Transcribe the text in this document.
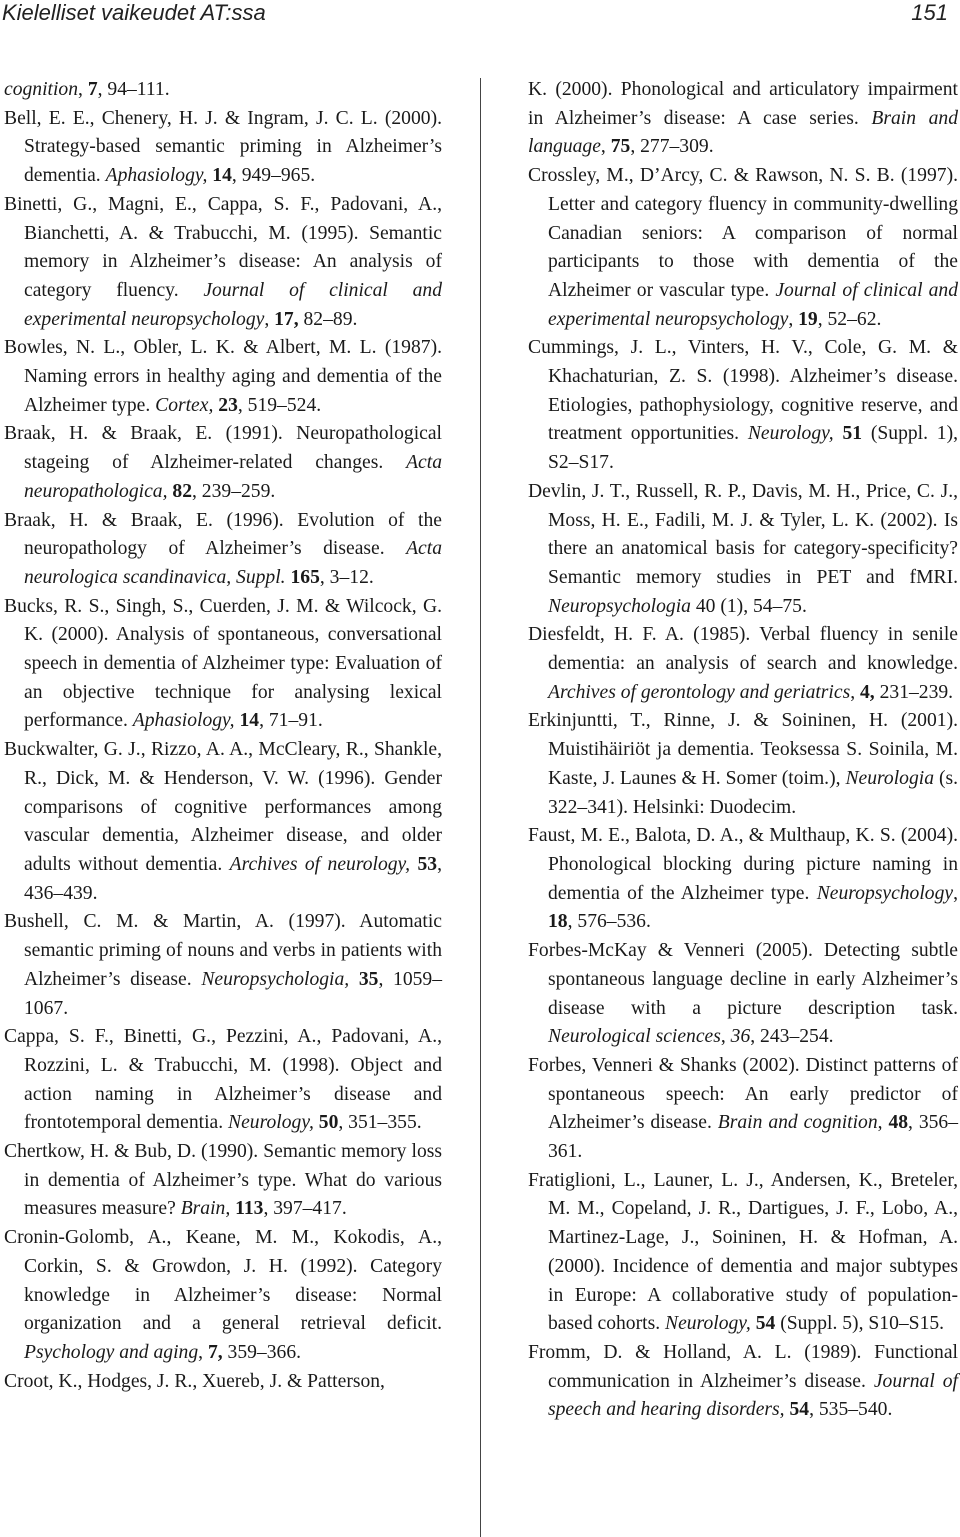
Kielelliset vaikeudet AT:ssa	151

cognition, 7, 94–111.

Bell, E. E., Chenery, H. J. & Ingram, J. C. L. (2000). Strategy-based semantic priming in Alzheimer’s dementia. Aphasiology, 14, 949–965.

Binetti, G., Magni, E., Cappa, S. F., Padovani, A., Bianchetti, A. & Trabucchi, M. (1995). Semantic memory in Alzheimer’s disease: An analysis of category fluency. Journal of clinical and experimental neuropsychology, 17, 82–89.

Bowles, N. L., Obler, L. K. & Albert, M. L. (1987). Naming errors in healthy aging and dementia of the Alzheimer type. Cortex, 23, 519–524.

Braak, H. & Braak, E. (1991). Neuropathological stageing of Alzheimer-related changes. Acta neuropathologica, 82, 239–259.

Braak, H. & Braak, E. (1996). Evolution of the neuropathology of Alzheimer’s disease. Acta neurologica scandinavica, Suppl. 165, 3–12.

Bucks, R. S., Singh, S., Cuerden, J. M. & Wilcock, G. K. (2000). Analysis of spontaneous, conversational speech in dementia of Alzheimer type: Evaluation of an objective technique for analysing lexical performance. Aphasiology, 14, 71–91.

Buckwalter, G. J., Rizzo, A. A., McCleary, R., Shankle, R., Dick, M. & Henderson, V. W. (1996). Gender comparisons of cognitive performances among vascular dementia, Alzheimer disease, and older adults without dementia. Archives of neurology, 53, 436–439.

Bushell, C. M. & Martin, A. (1997). Automatic semantic priming of nouns and verbs in patients with Alzheimer’s disease. Neuropsychologia, 35, 1059–1067.

Cappa, S. F., Binetti, G., Pezzini, A., Padovani, A., Rozzini, L. & Trabucchi, M. (1998). Object and action naming in Alzheimer’s disease and frontotemporal dementia. Neurology, 50, 351–355.

Chertkow, H. & Bub, D. (1990). Semantic memory loss in dementia of Alzheimer’s type. What do various measures measure? Brain, 113, 397–417.

Cronin-Golomb, A., Keane, M. M., Kokodis, A., Corkin, S. & Growdon, J. H. (1992). Category knowledge in Alzheimer’s disease: Normal organization and a general retrieval deficit. Psychology and aging, 7, 359–366.

Croot, K., Hodges, J. R., Xuereb, J. & Patterson,

K. (2000). Phonological and articulatory impairment in Alzheimer’s disease: A case series. Brain and language, 75, 277–309.

Crossley, M., D’Arcy, C. & Rawson, N. S. B. (1997). Letter and category fluency in community-dwelling Canadian seniors: A comparison of normal participants to those with dementia of the Alzheimer or vascular type. Journal of clinical and experimental neuropsychology, 19, 52–62.

Cummings, J. L., Vinters, H. V., Cole, G. M. & Khachaturian, Z. S. (1998). Alzheimer’s disease. Etiologies, pathophysiology, cognitive reserve, and treatment opportunities. Neurology, 51 (Suppl. 1), S2–S17.

Devlin, J. T., Russell, R. P., Davis, M. H., Price, C. J., Moss, H. E., Fadili, M. J. & Tyler, L. K. (2002). Is there an anatomical basis for category-specificity? Semantic memory studies in PET and fMRI. Neuropsychologia 40 (1), 54–75.

Diesfeldt, H. F. A. (1985). Verbal fluency in senile dementia: an analysis of search and knowledge. Archives of gerontology and geriatrics, 4, 231–239.

Erkinjuntti, T., Rinne, J. & Soininen, H. (2001). Muistihäiriöt ja dementia. Teoksessa S. Soinila, M. Kaste, J. Launes & H. Somer (toim.), Neurologia (s. 322–341). Helsinki: Duodecim.

Faust, M. E., Balota, D. A., & Multhaup, K. S. (2004). Phonological blocking during picture naming in dementia of the Alzheimer type. Neuropsychology, 18, 576–536.

Forbes-McKay & Venneri (2005). Detecting subtle spontaneous language decline in early Alzheimer’s disease with a picture description task. Neurological sciences, 36, 243–254.

Forbes, Venneri & Shanks (2002). Distinct patterns of spontaneous speech: An early predictor of Alzheimer’s disease. Brain and cognition, 48, 356–361.

Fratiglioni, L., Launer, L. J., Andersen, K., Breteler, M. M., Copeland, J. R., Dartigues, J. F., Lobo, A., Martinez-Lage, J., Soininen, H. & Hofman, A. (2000). Incidence of dementia and major subtypes in Europe: A collaborative study of population-based cohorts. Neurology, 54 (Suppl. 5), S10–S15.

Fromm, D. & Holland, A. L. (1989). Functional communication in Alzheimer’s disease. Journal of speech and hearing disorders, 54, 535–540.
